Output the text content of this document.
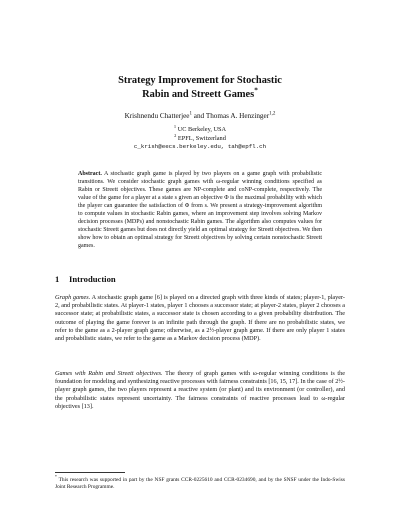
Strategy Improvement for Stochastic
Rabin and Streett Games*
Krishnendu Chatterjee$^1$ and Thomas A. Henzinger$^{1,2}$
$^1$ UC Berkeley, USA
$^2$ EPFL, Switzerland
c_krish@eecs.berkeley.edu, tah@epfl.ch

Abstract. A stochastic graph game is played by two players on a game graph with probabilistic transitions. We consider stochastic graph games with ω-regular winning conditions specified as Rabin or Streett objectives. These games are NP-complete and coNP-complete, respectively. The value of the game for a player at a state s given an objective Φ is the maximal probability with which the player can guarantee the satisfaction of Φ from s. We present a strategy-improvement algorithm to compute values in stochastic Rabin games, where an improvement step involves solving Markov decision processes (MDPs) and nonstochastic Rabin games. The algorithm also computes values for stochastic Streett games but does not directly yield an optimal strategy for Streett objectives. We then show how to obtain an optimal strategy for Streett objectives by solving certain nonstochastic Streett games.

1 Introduction

Graph games. A stochastic graph game [6] is played on a directed graph with three kinds of states; player-1, player-2, and probabilistic states. At player-1 states, player 1 chooses a successor state; at player-2 states, player 2 chooses a successor state; at probabilistic states, a successor state is chosen according to a given probability distribution. The outcome of playing the game forever is an infinite path through the graph. If there are no probabilistic states, we refer to the game as a 2-player graph game; otherwise, as a 2½-player graph game. If there are only player 1 states and probabilistic states, we refer to the game as a Markov decision process (MDP).

Games with Rabin and Streett objectives. The theory of graph games with ω-regular winning conditions is the foundation for modeling and synthesizing reactive processes with fairness constraints [16, 15, 17]. In the case of 2½-player graph games, the two players represent a reactive system (or plant) and its environment (or controller), and the probabilistic states represent uncertainty. The fairness constraints of reactive processes lead to ω-regular objectives [13].

* This research was supported in part by the NSF grants CCR-0225610 and CCR-0234690, and by the SNSF under the Indo-Swiss Joint Research Programme.
